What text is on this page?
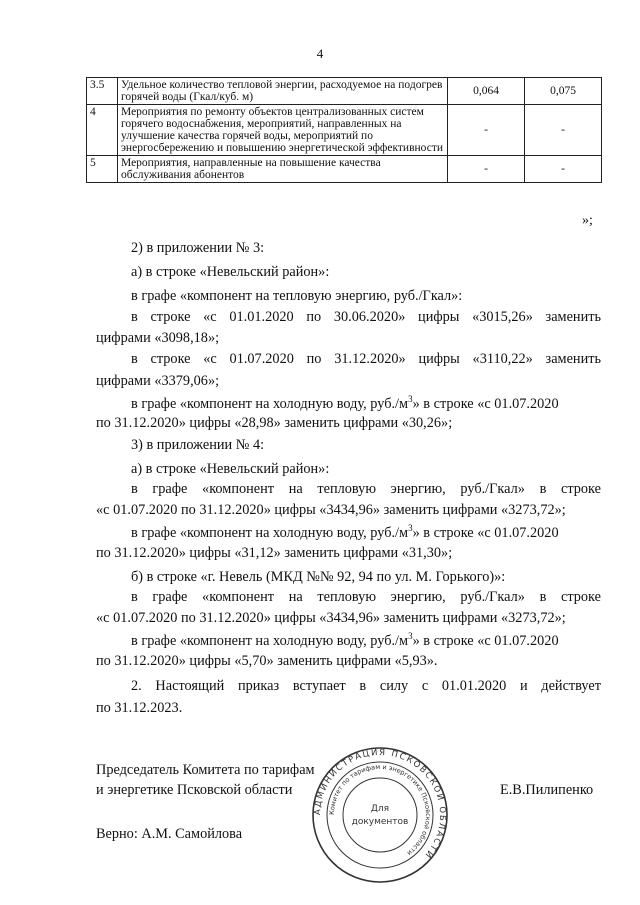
4
3.5	Удельное количество тепловой энергии, расходуемое на подогрев горячей воды (Гкал/куб. м)	0,064	0,075
4	Мероприятия по ремонту объектов централизованных систем горячего водоснабжения, мероприятий, направленных на улучшение качества горячей воды, мероприятий по энергосбережению и повышению энергетической эффективности	-	-
5	Мероприятия, направленные на повышение качества обслуживания абонентов	-	-
»;
2) в приложении № 3:
а) в строке «Невельский район»:
в графе «компонент на тепловую энергию, руб./Гкал»:
в строке «с 01.01.2020 по 30.06.2020» цифры «3015,26» заменить
цифрами «3098,18»;
в строке «с 01.07.2020 по 31.12.2020» цифры «3110,22» заменить
цифрами «3379,06»;
в графе «компонент на холодную воду, $руб./м^3$» в строке «с 01.07.2020
по 31.12.2020» цифры «28,98» заменить цифрами «30,26»;
3) в приложении № 4:
а) в строке «Невельский район»:
в графе «компонент на тепловую энергию, руб./Гкал» в строке
«с 01.07.2020 по 31.12.2020» цифры «3434,96» заменить цифрами «3273,72»;
в графе «компонент на холодную воду, $руб./м^3$» в строке «с 01.07.2020
по 31.12.2020» цифры «31,12» заменить цифрами «31,30»;
б) в строке «г. Невель (МКД №№ 92, 94 по ул. М. Горького)»:
в графе «компонент на тепловую энергию, руб./Гкал» в строке
«с 01.07.2020 по 31.12.2020» цифры «3434,96» заменить цифрами «3273,72»;
в графе «компонент на холодную воду, $руб./м^3$» в строке «с 01.07.2020
по 31.12.2020» цифры «5,70» заменить цифрами «5,93».
2. Настоящий приказ вступает в силу с 01.01.2020 и действует
по 31.12.2023.
Председатель Комитета по тарифам
и энергетике Псковской области	Е.В.Пилипенко
Верно: А.М. Самойлова
АДМИНИСТРАЦИЯ ПСКОВСКОЙ ОБЛАСТИ
Комитет по тарифам и энергетике Псковской области
Для
документов
